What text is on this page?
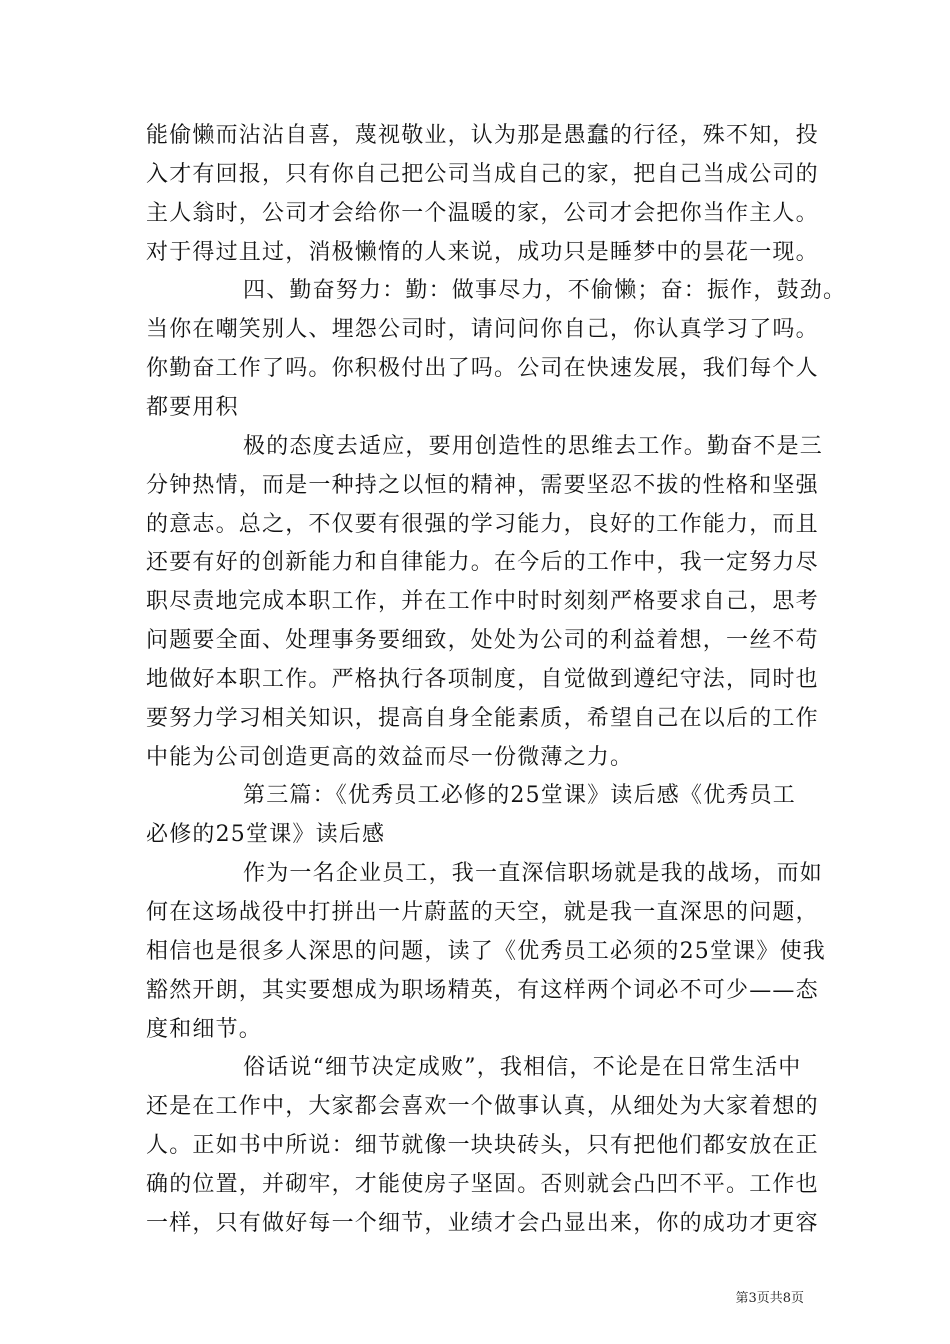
能偷懒而沾沾自喜，蔑视敬业，认为那是愚蠢的行径，殊不知，投
入才有回报，只有你自己把公司当成自己的家，把自己当成公司的
主人翁时，公司才会给你一个温暖的家，公司才会把你当作主人。
对于得过且过，消极懒惰的人来说，成功只是睡梦中的昙花一现。
四、勤奋努力：勤：做事尽力，不偷懒；奋：振作，鼓劲。
当你在嘲笑别人、埋怨公司时，请问问你自己，你认真学习了吗。
你勤奋工作了吗。你积极付出了吗。公司在快速发展，我们每个人
都要用积
极的态度去适应，要用创造性的思维去工作。勤奋不是三
分钟热情，而是一种持之以恒的精神，需要坚忍不拔的性格和坚强
的意志。总之，不仅要有很强的学习能力，良好的工作能力，而且
还要有好的创新能力和自律能力。在今后的工作中，我一定努力尽
职尽责地完成本职工作，并在工作中时时刻刻严格要求自己，思考
问题要全面、处理事务要细致，处处为公司的利益着想，一丝不苟
地做好本职工作。严格执行各项制度，自觉做到遵纪守法，同时也
要努力学习相关知识，提高自身全能素质，希望自己在以后的工作
中能为公司创造更高的效益而尽一份微薄之力。
第三篇：《优秀员工必修的25堂课》读后感《优秀员工
必修的25堂课》读后感
作为一名企业员工，我一直深信职场就是我的战场，而如
何在这场战役中打拼出一片蔚蓝的天空，就是我一直深思的问题，
相信也是很多人深思的问题，读了《优秀员工必须的25堂课》使我
豁然开朗，其实要想成为职场精英，有这样两个词必不可少——态
度和细节。
俗话说“细节决定成败”，我相信，不论是在日常生活中
还是在工作中，大家都会喜欢一个做事认真，从细处为大家着想的
人。正如书中所说：细节就像一块块砖头，只有把他们都安放在正
确的位置，并砌牢，才能使房子坚固。否则就会凸凹不平。工作也
一样，只有做好每一个细节，业绩才会凸显出来，你的成功才更容
第3页共8页
